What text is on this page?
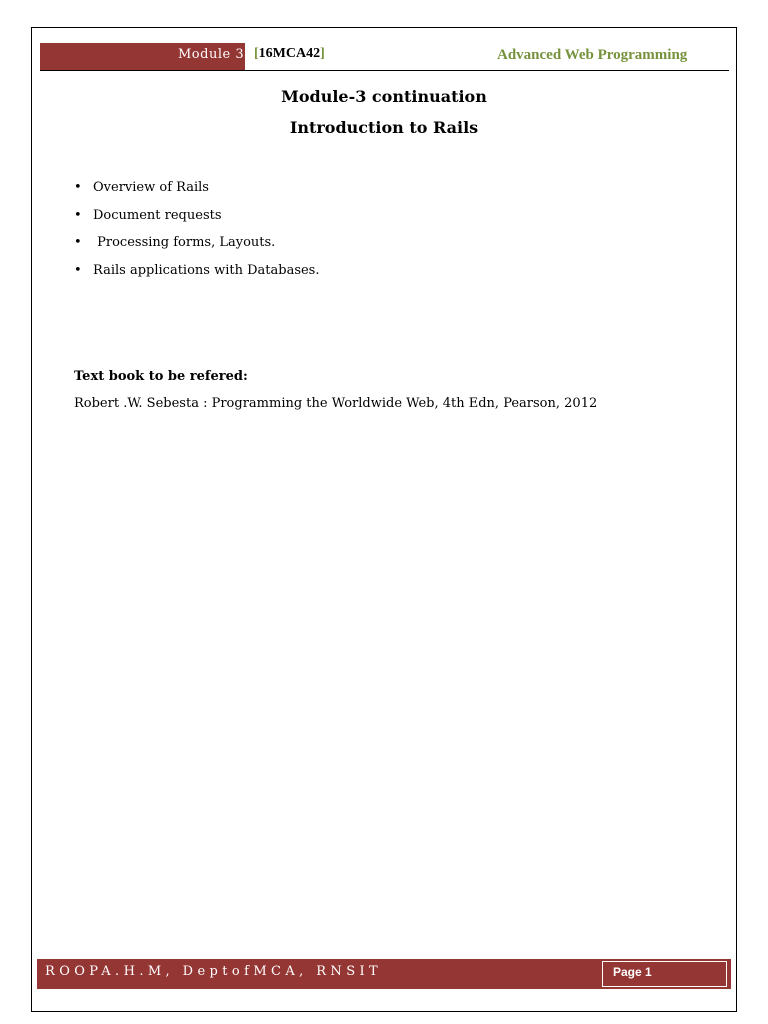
Module 3 [16MCA42]	Advanced Web Programming
Module-3 continuation
Introduction to Rails
• Overview of Rails
• Document requests
• Processing forms, Layouts.
• Rails applications with Databases.
Text book to be refered:
Robert .W. Sebesta : Programming the Worldwide Web, 4th Edn, Pearson, 2012
ROOPA.H.M, DeptofMCA, RNSIT	Page 1
